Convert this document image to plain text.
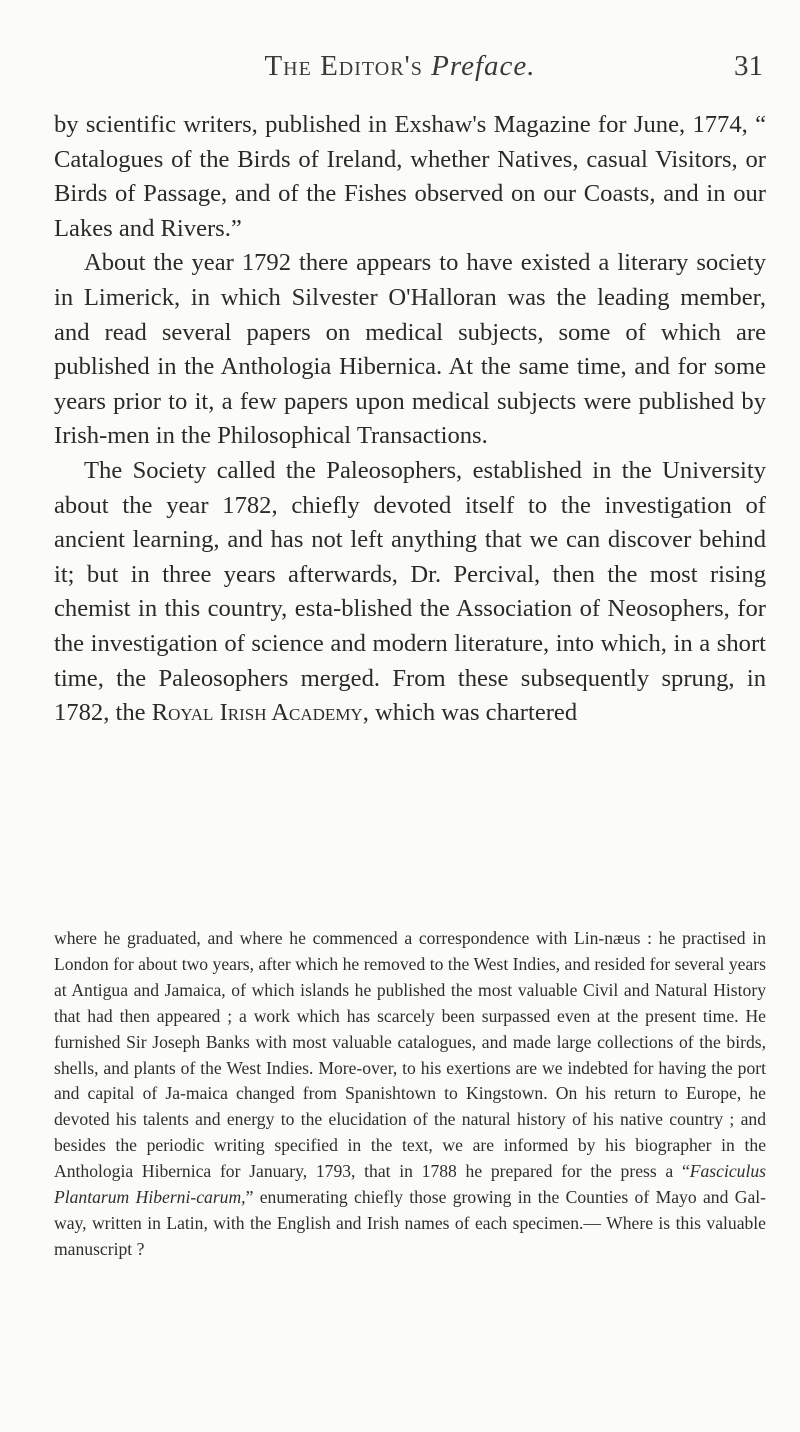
The Editor's Preface.	31

by scientific writers, published in Exshaw's Magazine for June, 1774, “ Catalogues of the Birds of Ireland, whether Natives, casual Visitors, or Birds of Passage, and of the Fishes observed on our Coasts, and in our Lakes and Rivers.”

About the year 1792 there appears to have existed a literary society in Limerick, in which Silvester O'Halloran was the leading member, and read several papers on medical subjects, some of which are published in the Anthologia Hibernica. At the same time, and for some years prior to it, a few papers upon medical subjects were published by Irish-men in the Philosophical Transactions.

The Society called the Paleosophers, established in the University about the year 1782, chiefly devoted itself to the investigation of ancient learning, and has not left anything that we can discover behind it; but in three years afterwards, Dr. Percival, then the most rising chemist in this country, esta-blished the Association of Neosophers, for the investigation of science and modern literature, into which, in a short time, the Paleosophers merged. From these subsequently sprung, in 1782, the Royal Irish Academy, which was chartered

where he graduated, and where he commenced a correspondence with Lin-næus : he practised in London for about two years, after which he removed to the West Indies, and resided for several years at Antigua and Jamaica, of which islands he published the most valuable Civil and Natural History that had then appeared ; a work which has scarcely been surpassed even at the present time. He furnished Sir Joseph Banks with most valuable catalogues, and made large collections of the birds, shells, and plants of the West Indies. More-over, to his exertions are we indebted for having the port and capital of Ja-maica changed from Spanishtown to Kingstown. On his return to Europe, he devoted his talents and energy to the elucidation of the natural history of his native country ; and besides the periodic writing specified in the text, we are informed by his biographer in the Anthologia Hibernica for January, 1793, that in 1788 he prepared for the press a “Fasciculus Plantarum Hiberni-carum,” enumerating chiefly those growing in the Counties of Mayo and Gal-way, written in Latin, with the English and Irish names of each specimen.— Where is this valuable manuscript ?
